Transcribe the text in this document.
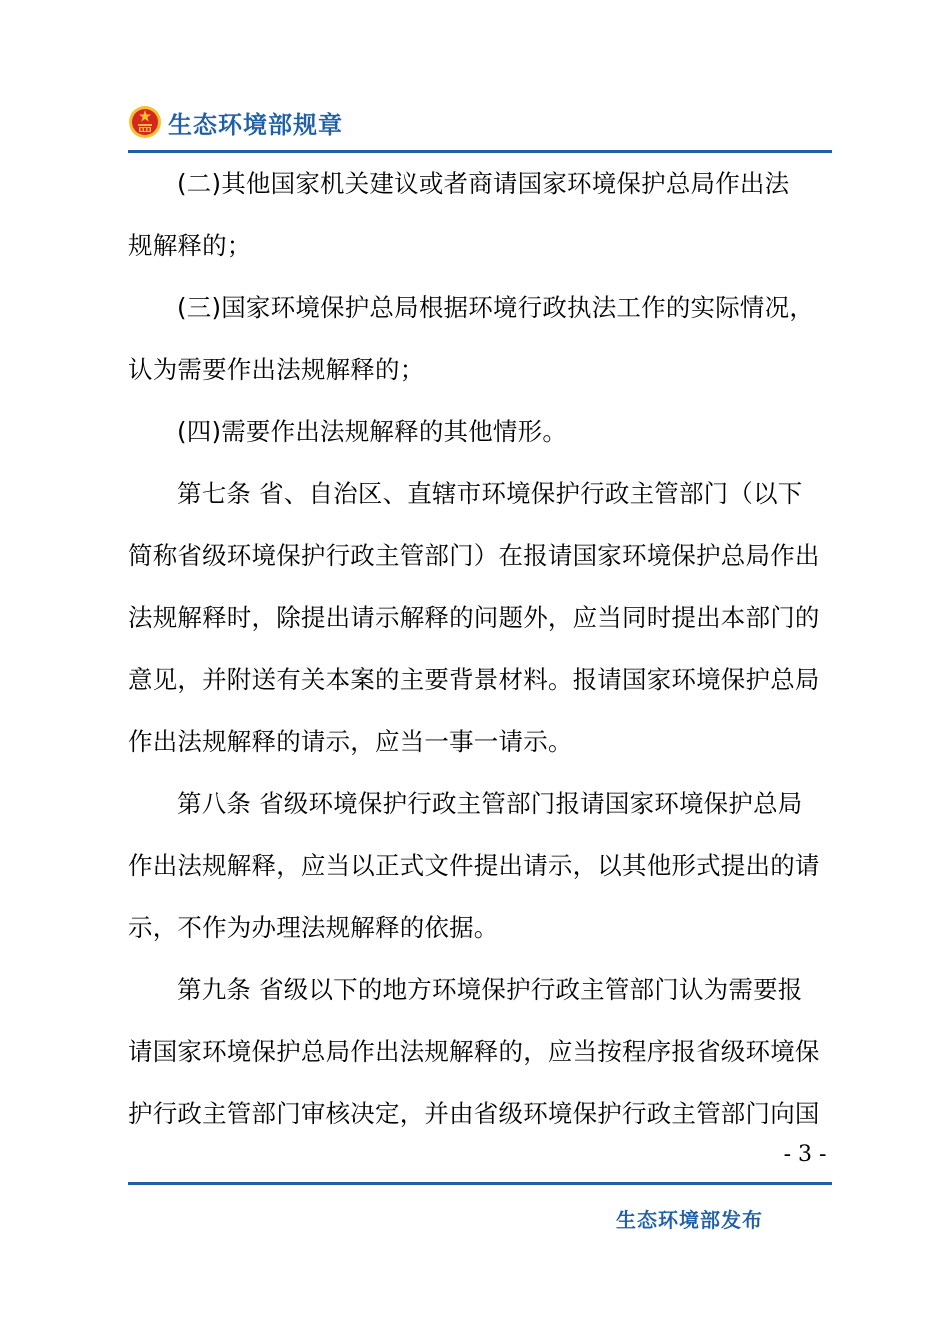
生态环境部规章

(二)其他国家机关建议或者商请国家环境保护总局作出法
规解释的；

(三)国家环境保护总局根据环境行政执法工作的实际情况，
认为需要作出法规解释的；

(四)需要作出法规解释的其他情形。

第七条 省、自治区、直辖市环境保护行政主管部门（以下
简称省级环境保护行政主管部门）在报请国家环境保护总局作出
法规解释时，除提出请示解释的问题外，应当同时提出本部门的
意见，并附送有关本案的主要背景材料。报请国家环境保护总局
作出法规解释的请示，应当一事一请示。

第八条 省级环境保护行政主管部门报请国家环境保护总局
作出法规解释，应当以正式文件提出请示，以其他形式提出的请
示，不作为办理法规解释的依据。

第九条 省级以下的地方环境保护行政主管部门认为需要报
请国家环境保护总局作出法规解释的，应当按程序报省级环境保
护行政主管部门审核决定，并由省级环境保护行政主管部门向国

- 3 -
生态环境部发布
